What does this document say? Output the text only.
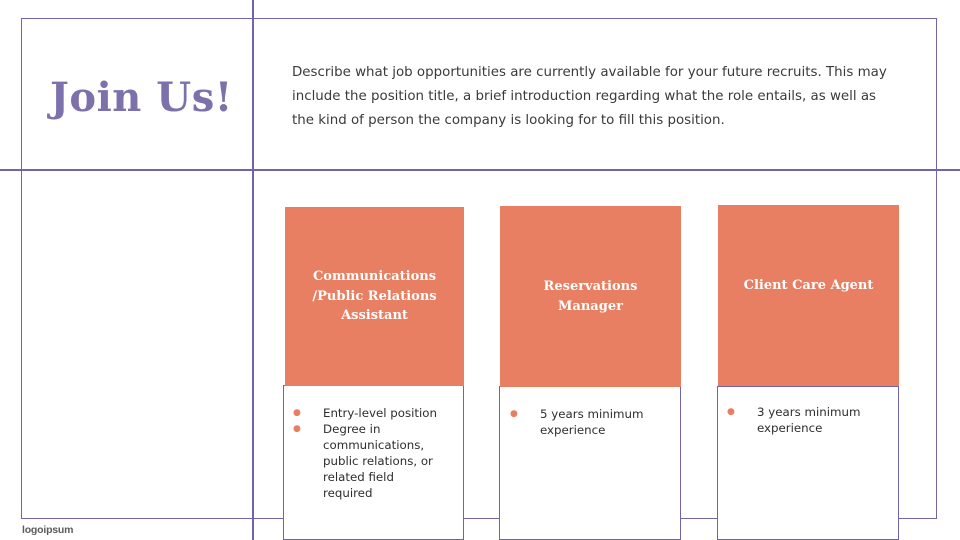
Join Us!

Describe what job opportunities are currently available for your future recruits. This may include the position title, a brief introduction regarding what the role entails, as well as the kind of person the company is looking for to fill this position.

Communications /Public Relations Assistant

● Entry-level position
● Degree in communications, public relations, or related field required

Reservations Manager

● 5 years minimum experience

Client Care Agent

● 3 years minimum experience
logoipsum
